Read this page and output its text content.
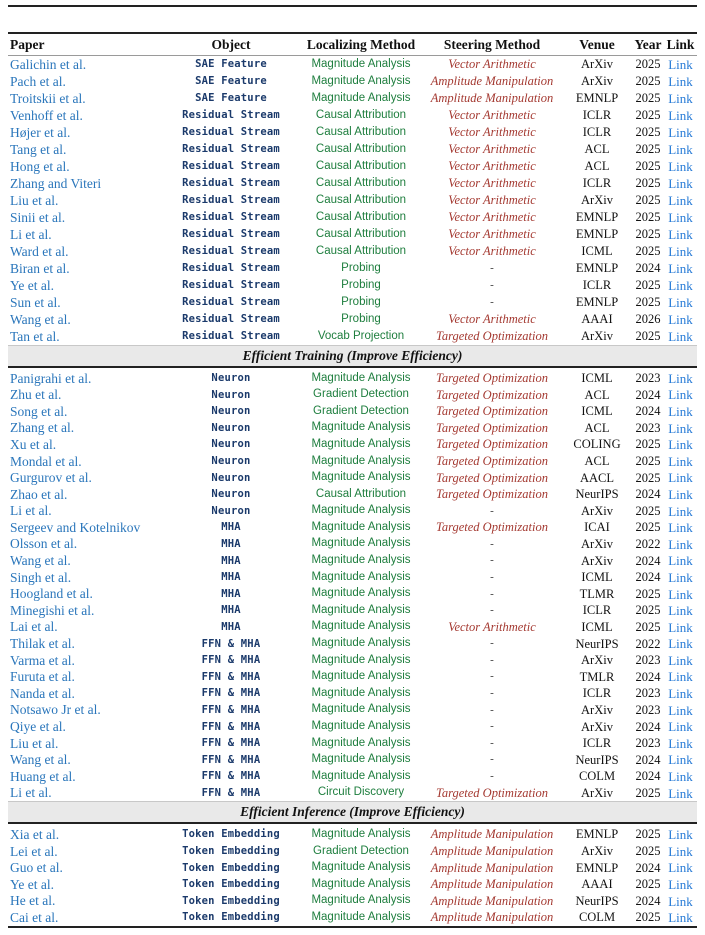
Paper	Object	Localizing Method	Steering Method	Venue	Year Link
Galichin et al.	SAE Feature	Magnitude Analysis	Vector Arithmetic	ArXiv	2025 Link
Pach et al.	SAE Feature	Magnitude Analysis	Amplitude Manipulation	ArXiv	2025 Link
Troitskii et al.	SAE Feature	Magnitude Analysis	Amplitude Manipulation	EMNLP	2025 Link
Venhoff et al.	Residual Stream	Causal Attribution	Vector Arithmetic	ICLR	2025 Link
Højer et al.	Residual Stream	Causal Attribution	Vector Arithmetic	ICLR	2025 Link
Tang et al.	Residual Stream	Causal Attribution	Vector Arithmetic	ACL	2025 Link
Hong et al.	Residual Stream	Causal Attribution	Vector Arithmetic	ACL	2025 Link
Zhang and Viteri	Residual Stream	Causal Attribution	Vector Arithmetic	ICLR	2025 Link
Liu et al.	Residual Stream	Causal Attribution	Vector Arithmetic	ArXiv	2025 Link
Sinii et al.	Residual Stream	Causal Attribution	Vector Arithmetic	EMNLP	2025 Link
Li et al.	Residual Stream	Causal Attribution	Vector Arithmetic	EMNLP	2025 Link
Ward et al.	Residual Stream	Causal Attribution	Vector Arithmetic	ICML	2025 Link
Biran et al.	Residual Stream	Probing	-	EMNLP	2024 Link
Ye et al.	Residual Stream	Probing	-	ICLR	2025 Link
Sun et al.	Residual Stream	Probing	-	EMNLP	2025 Link
Wang et al.	Residual Stream	Probing	Vector Arithmetic	AAAI	2026 Link
Tan et al.	Residual Stream	Vocab Projection	Targeted Optimization	ArXiv	2025 Link
Efficient Training (Improve Efficiency)
Panigrahi et al.	Neuron	Magnitude Analysis	Targeted Optimization	ICML	2023 Link
Zhu et al.	Neuron	Gradient Detection	Targeted Optimization	ACL	2024 Link
Song et al.	Neuron	Gradient Detection	Targeted Optimization	ICML	2024 Link
Zhang et al.	Neuron	Magnitude Analysis	Targeted Optimization	ACL	2023 Link
Xu et al.	Neuron	Magnitude Analysis	Targeted Optimization	COLING	2025 Link
Mondal et al.	Neuron	Magnitude Analysis	Targeted Optimization	ACL	2025 Link
Gurgurov et al.	Neuron	Magnitude Analysis	Targeted Optimization	AACL	2025 Link
Zhao et al.	Neuron	Causal Attribution	Targeted Optimization	NeurIPS	2024 Link
Li et al.	Neuron	Magnitude Analysis	-	ArXiv	2025 Link
Sergeev and Kotelnikov	MHA	Magnitude Analysis	Targeted Optimization	ICAI	2025 Link
Olsson et al.	MHA	Magnitude Analysis	-	ArXiv	2022 Link
Wang et al.	MHA	Magnitude Analysis	-	ArXiv	2024 Link
Singh et al.	MHA	Magnitude Analysis	-	ICML	2024 Link
Hoogland et al.	MHA	Magnitude Analysis	-	TLMR	2025 Link
Minegishi et al.	MHA	Magnitude Analysis	-	ICLR	2025 Link
Lai et al.	MHA	Magnitude Analysis	Vector Arithmetic	ICML	2025 Link
Thilak et al.	FFN & MHA	Magnitude Analysis	-	NeurIPS	2022 Link
Varma et al.	FFN & MHA	Magnitude Analysis	-	ArXiv	2023 Link
Furuta et al.	FFN & MHA	Magnitude Analysis	-	TMLR	2024 Link
Nanda et al.	FFN & MHA	Magnitude Analysis	-	ICLR	2023 Link
Notsawo Jr et al.	FFN & MHA	Magnitude Analysis	-	ArXiv	2023 Link
Qiye et al.	FFN & MHA	Magnitude Analysis	-	ArXiv	2024 Link
Liu et al.	FFN & MHA	Magnitude Analysis	-	ICLR	2023 Link
Wang et al.	FFN & MHA	Magnitude Analysis	-	NeurIPS	2024 Link
Huang et al.	FFN & MHA	Magnitude Analysis	-	COLM	2024 Link
Li et al.	FFN & MHA	Circuit Discovery	Targeted Optimization	ArXiv	2025 Link
Efficient Inference (Improve Efficiency)
Xia et al.	Token Embedding	Magnitude Analysis	Amplitude Manipulation	EMNLP	2025 Link
Lei et al.	Token Embedding	Gradient Detection	Amplitude Manipulation	ArXiv	2025 Link
Guo et al.	Token Embedding	Magnitude Analysis	Amplitude Manipulation	EMNLP	2024 Link
Ye et al.	Token Embedding	Magnitude Analysis	Amplitude Manipulation	AAAI	2025 Link
He et al.	Token Embedding	Magnitude Analysis	Amplitude Manipulation	NeurIPS	2024 Link
Cai et al.	Token Embedding	Magnitude Analysis	Amplitude Manipulation	COLM	2025 Link
